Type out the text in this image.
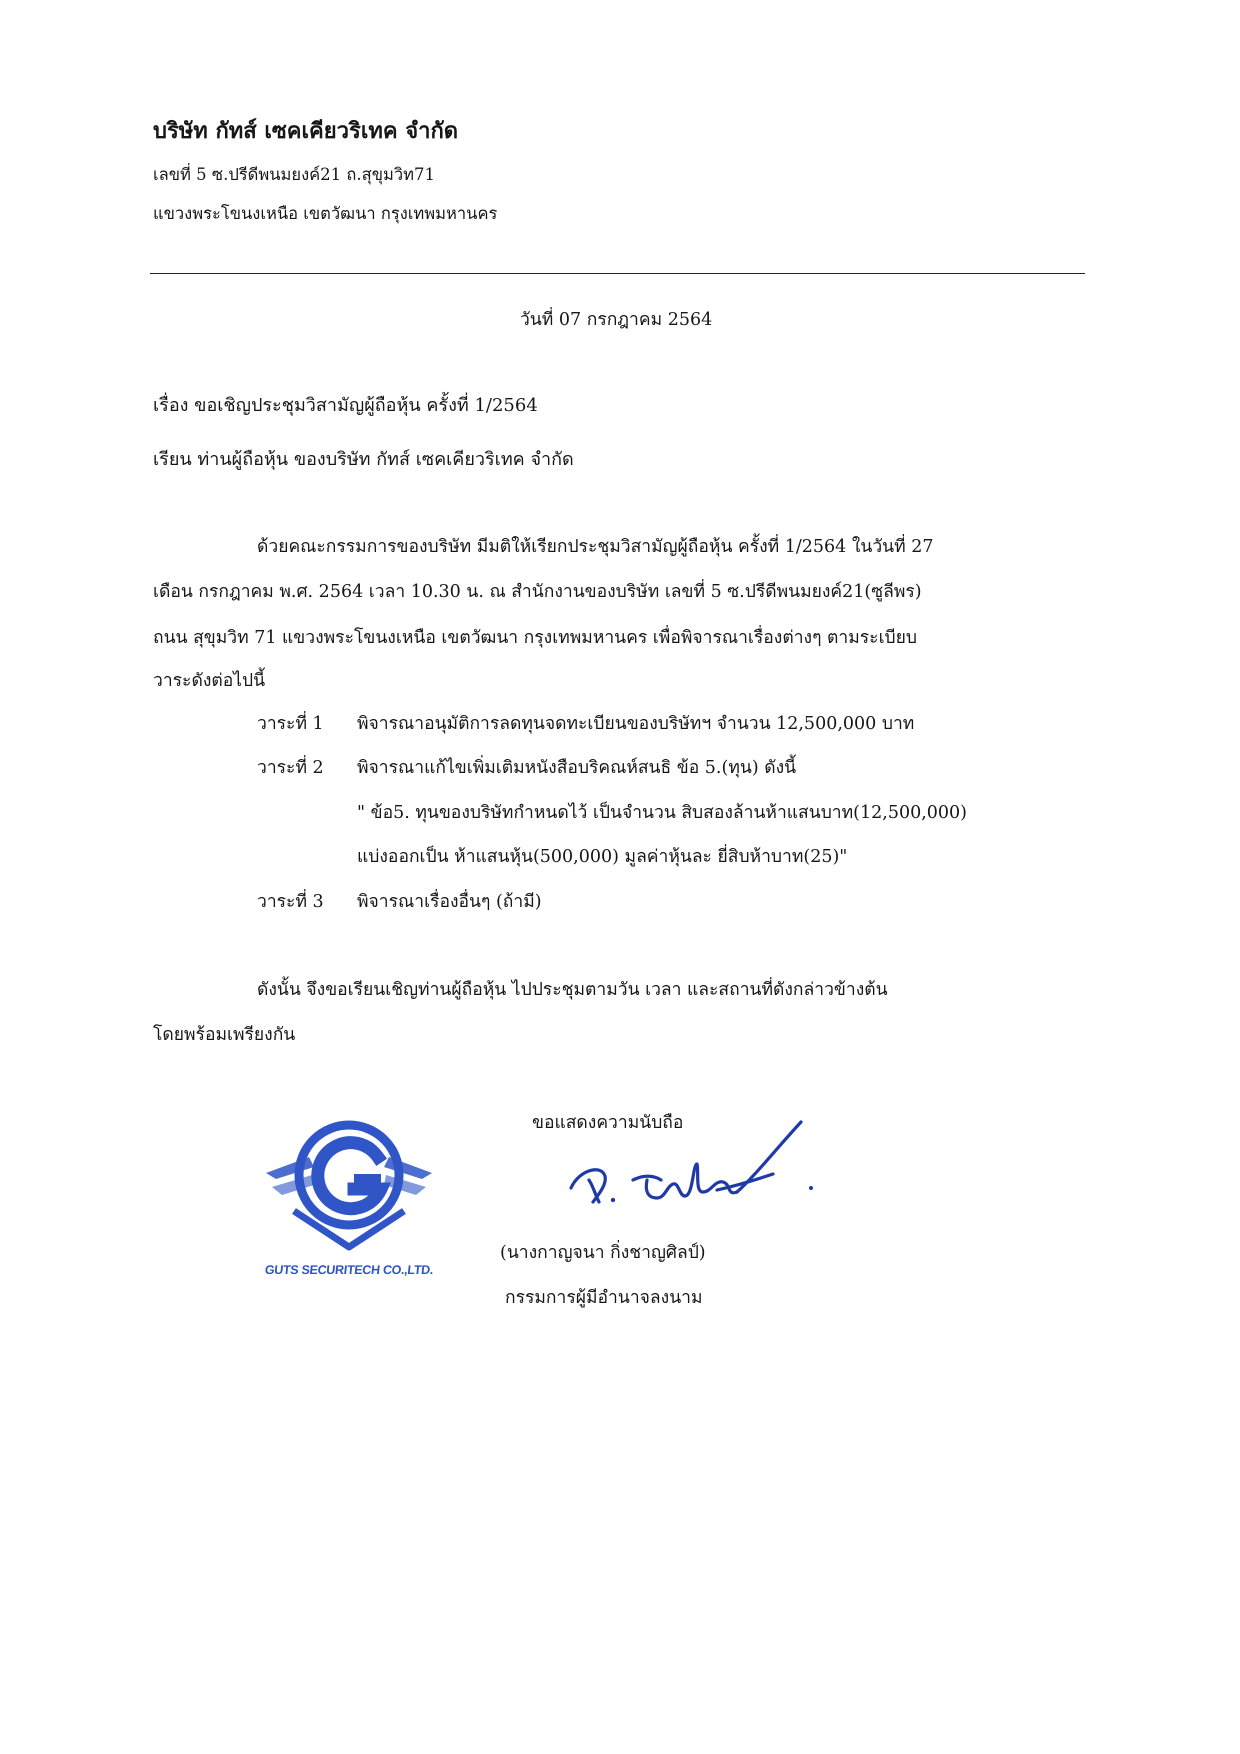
บริษัท กัทส์ เซคเคียวริเทค จำกัด
เลขที่ 5 ซ.ปรีดีพนมยงค์21 ถ.สุขุมวิท71
แขวงพระโขนงเหนือ เขตวัฒนา กรุงเทพมหานคร
วันที่ 07 กรกฎาคม 2564
เรื่อง ขอเชิญประชุมวิสามัญผู้ถือหุ้น ครั้งที่ 1/2564
เรียน ท่านผู้ถือหุ้น ของบริษัท กัทส์ เซคเคียวริเทค จำกัด
ด้วยคณะกรรมการของบริษัท มีมติให้เรียกประชุมวิสามัญผู้ถือหุ้น ครั้งที่ 1/2564 ในวันที่ 27
เดือน กรกฎาคม พ.ศ. 2564 เวลา 10.30 น. ณ สำนักงานของบริษัท เลขที่ 5 ซ.ปรีดีพนมยงค์21(ซูลีพร)
ถนน สุขุมวิท 71 แขวงพระโขนงเหนือ เขตวัฒนา กรุงเทพมหานคร เพื่อพิจารณาเรื่องต่างๆ ตามระเบียบ
วาระดังต่อไปนี้
วาระที่ 1 พิจารณาอนุมัติการลดทุนจดทะเบียนของบริษัทฯ จำนวน 12,500,000 บาท
วาระที่ 2 พิจารณาแก้ไขเพิ่มเติมหนังสือบริคณห์สนธิ ข้อ 5.(ทุน) ดังนี้
" ข้อ5. ทุนของบริษัทกำหนดไว้ เป็นจำนวน สิบสองล้านห้าแสนบาท(12,500,000)
แบ่งออกเป็น ห้าแสนหุ้น(500,000) มูลค่าหุ้นละ ยี่สิบห้าบาท(25)"
วาระที่ 3 พิจารณาเรื่องอื่นๆ (ถ้ามี)
ดังนั้น จึงขอเรียนเชิญท่านผู้ถือหุ้น ไปประชุมตามวัน เวลา และสถานที่ดังกล่าวข้างต้น
โดยพร้อมเพรียงกัน
GUTS SECURITECH CO.,LTD.
ขอแสดงความนับถือ
(นางกาญจนา กิ่งชาญศิลป์)
กรรมการผู้มีอำนาจลงนาม
